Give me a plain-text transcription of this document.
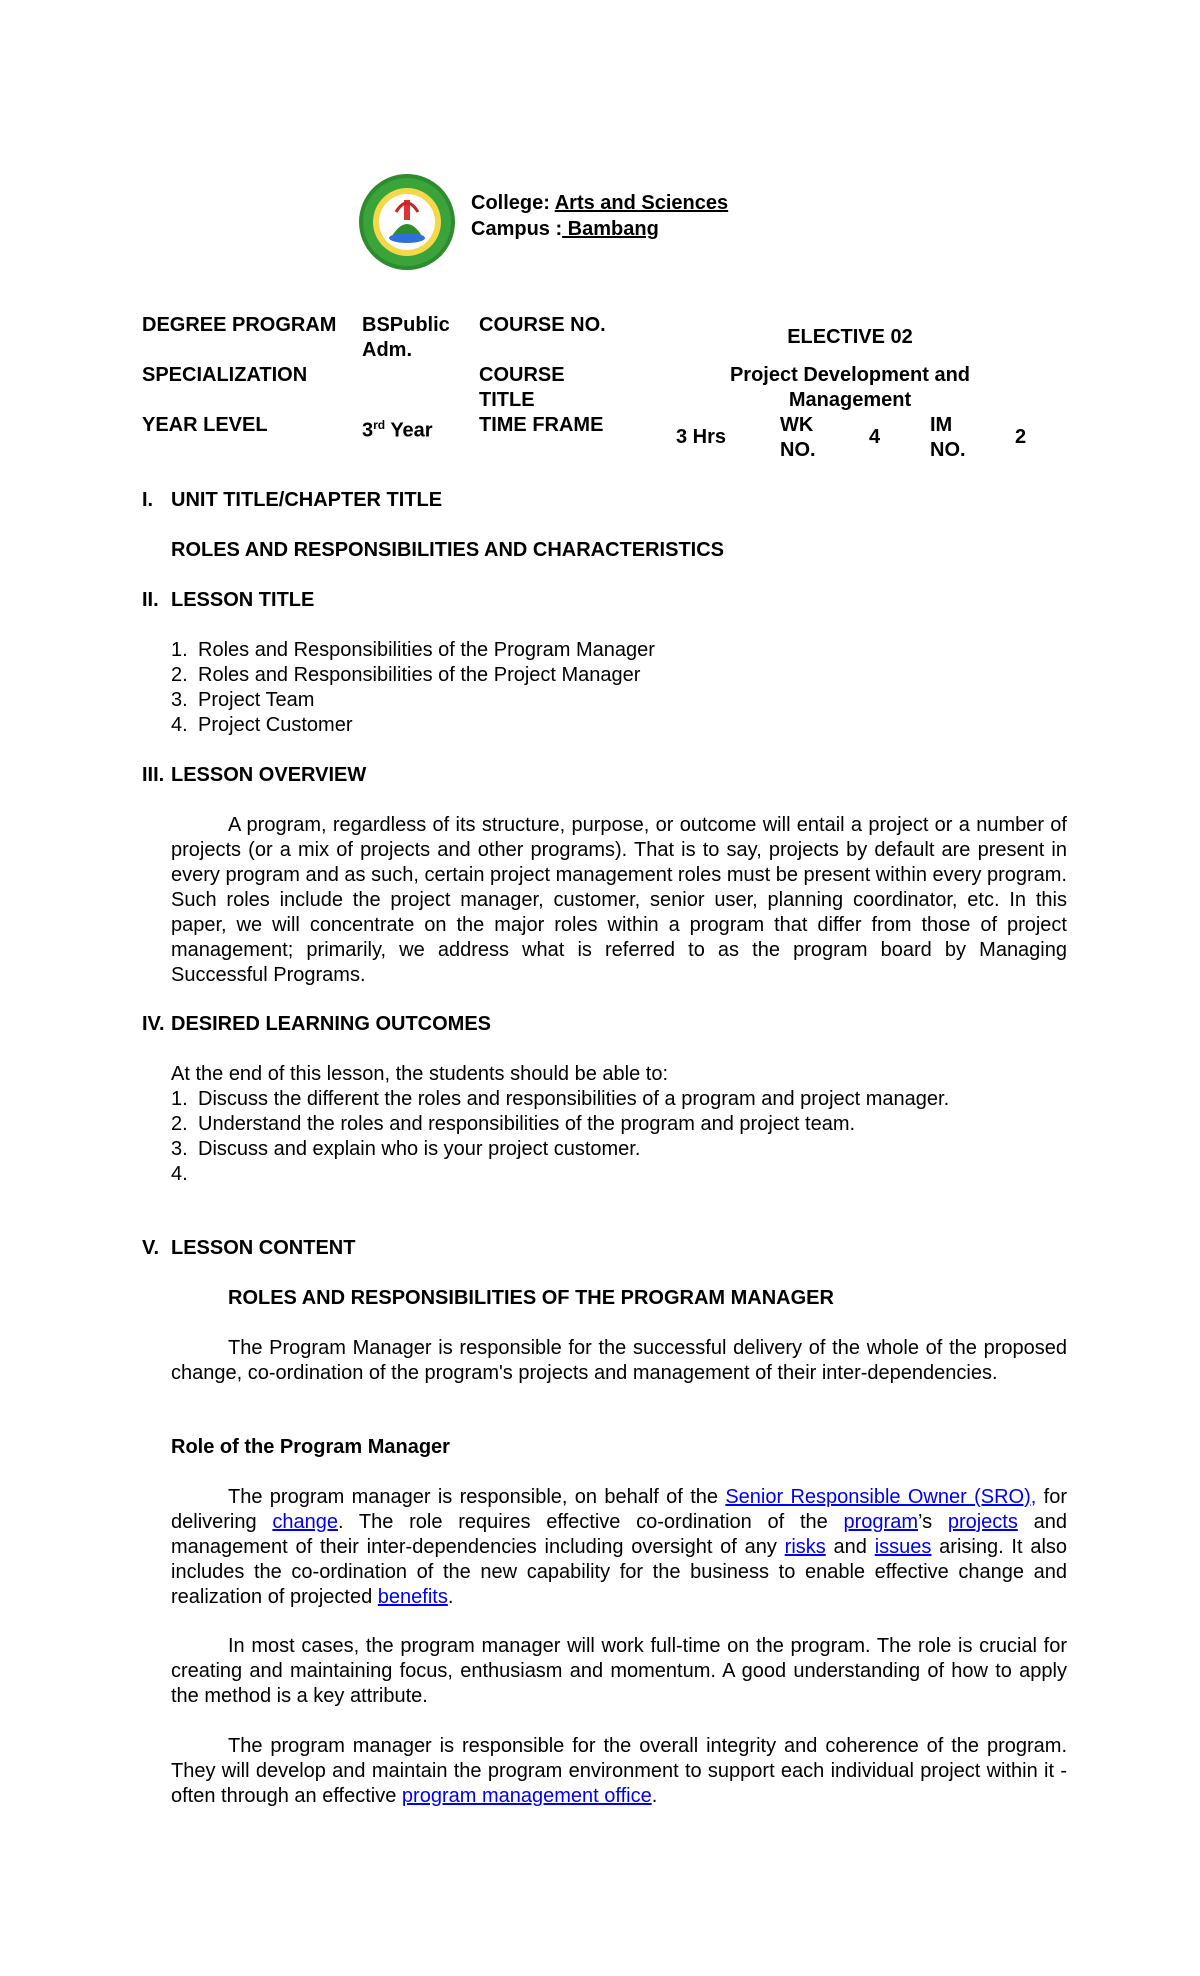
College: Arts and Sciences
Campus : Bambang
DEGREE PROGRAM BSPublic Adm.
COURSE NO.
ELECTIVE 02
SPECIALIZATION	COURSE TITLE
Project Development and Management
YEAR LEVEL	3rd Year TIME FRAME
3 Hrs
WK NO.
4
IM NO.
2
I. UNIT TITLE/CHAPTER TITLE
ROLES AND RESPONSIBILITIES AND CHARACTERISTICS
II. LESSON TITLE
1. Roles and Responsibilities of the Program Manager
2. Roles and Responsibilities of the Project Manager
3. Project Team
4. Project Customer
III. LESSON OVERVIEW
A program, regardless of its structure, purpose, or outcome will entail a project or a number of projects (or a mix of projects and other programs). That is to say, projects by default are present in every program and as such, certain project management roles must be present within every program. Such roles include the project manager, customer, senior user, planning coordinator, etc. In this paper, we will concentrate on the major roles within a program that differ from those of project management; primarily, we address what is referred to as the program board by Managing Successful Programs.
IV. DESIRED LEARNING OUTCOMES
At the end of this lesson, the students should be able to:
1. Discuss the different the roles and responsibilities of a program and project manager.
2. Understand the roles and responsibilities of the program and project team.
3. Discuss and explain who is your project customer.
4.
V. LESSON CONTENT
ROLES AND RESPONSIBILITIES OF THE PROGRAM MANAGER
The Program Manager is responsible for the successful delivery of the whole of the proposed change, co-ordination of the program's projects and management of their inter-dependencies.
Role of the Program Manager
The program manager is responsible, on behalf of the Senior Responsible Owner (SRO), for delivering change. The role requires effective co-ordination of the program’s projects and management of their inter-dependencies including oversight of any risks and issues arising. It also includes the co-ordination of the new capability for the business to enable effective change and realization of projected benefits.
In most cases, the program manager will work full-time on the program. The role is crucial for creating and maintaining focus, enthusiasm and momentum. A good understanding of how to apply the method is a key attribute.
The program manager is responsible for the overall integrity and coherence of the program. They will develop and maintain the program environment to support each individual project within it - often through an effective program management office.
